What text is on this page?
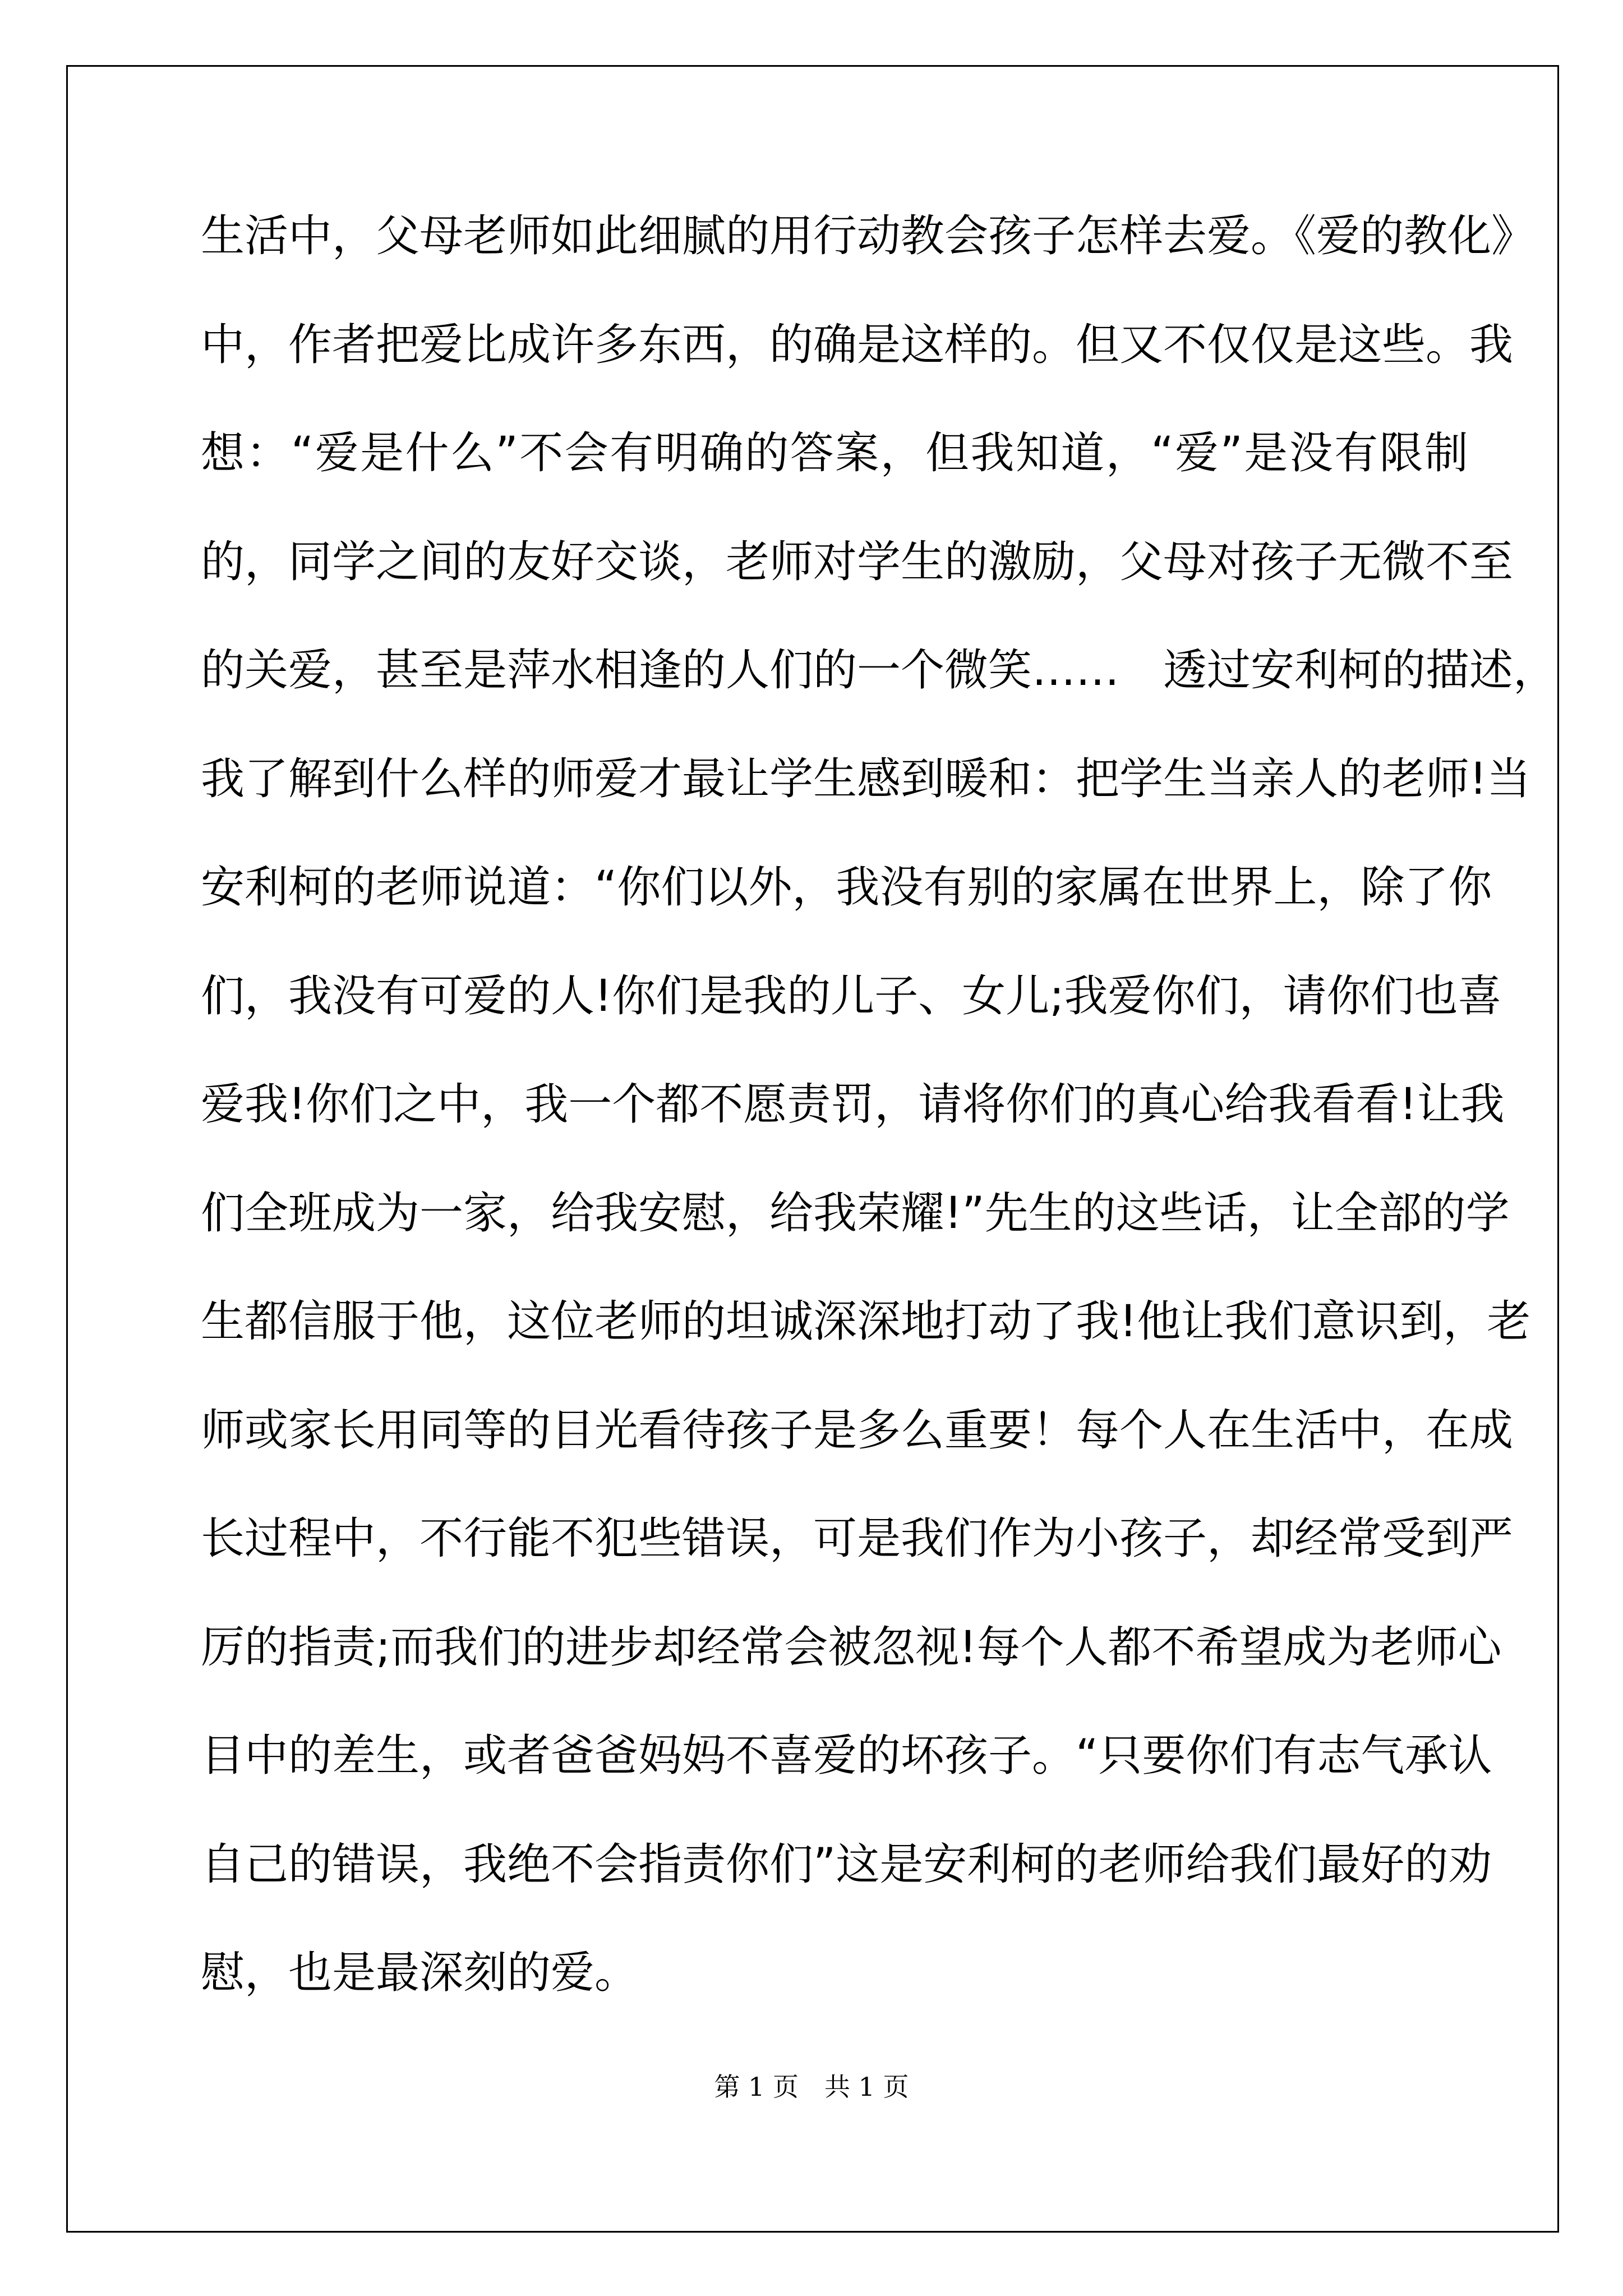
生活中，父母老师如此细腻的用行动教会孩子怎样去爱。《爱的教化》
中，作者把爱比成许多东西，的确是这样的。但又不仅仅是这些。我
想：“爱是什么”不会有明确的答案，但我知道，“爱”是没有限制
的，同学之间的友好交谈，老师对学生的激励，父母对孩子无微不至
的关爱，甚至是萍水相逢的人们的一个微笑……　透过安利柯的描述，
我了解到什么样的师爱才最让学生感到暖和：把学生当亲人的老师!当
安利柯的老师说道：“你们以外，我没有别的家属在世界上，除了你
们，我没有可爱的人!你们是我的儿子、女儿;我爱你们，请你们也喜
爱我!你们之中，我一个都不愿责罚，请将你们的真心给我看看!让我
们全班成为一家，给我安慰，给我荣耀!”先生的这些话，让全部的学
生都信服于他，这位老师的坦诚深深地打动了我!他让我们意识到，老
师或家长用同等的目光看待孩子是多么重要！每个人在生活中，在成
长过程中，不行能不犯些错误，可是我们作为小孩子，却经常受到严
厉的指责;而我们的进步却经常会被忽视!每个人都不希望成为老师心
目中的差生，或者爸爸妈妈不喜爱的坏孩子。“只要你们有志气承认
自己的错误，我绝不会指责你们”这是安利柯的老师给我们最好的劝
慰，也是最深刻的爱。
第 1 页　共 1 页
